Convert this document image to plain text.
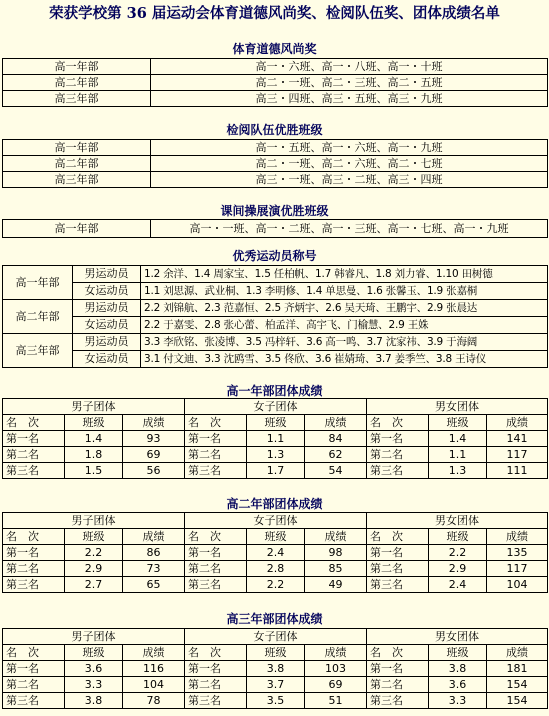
荣获学校第 36 届运动会体育道德风尚奖、检阅队伍奖、团体成绩名单
体育道德风尚奖
高一年部	高一・六班、高一・八班、高一・十班
高二年部	高二・一班、高二・三班、高二・五班
高三年部	高三・四班、高三・五班、高三・九班
检阅队伍优胜班级
高一年部	高一・五班、高一・六班、高一・九班
高二年部	高二・一班、高二・六班、高二・七班
高三年部	高三・一班、高三・二班、高三・四班
课间操展演优胜班级
高一年部	高一・一班、高一・二班、高一・三班、高一・七班、高一・九班
优秀运动员称号
高一年部	男运动员	1.2 余洋、1.4 周家宝、1.5 任柏帆、1.7 韩睿凡、1.8 刘力睿、1.10 田树德
	女运动员	1.1 刘思源、武业桐、1.3 李明修、1.4 单思曼、1.6 张馨玉、1.9 张嘉桐
高二年部	男运动员	2.2 刘锦航、2.3 范嘉恒、2.5 齐炳宇、2.6 吴天琦、王鹏宇、2.9 张晨达
	女运动员	2.2 于嘉雯、2.8 张心蕾、柏孟洋、高宇飞、门榆慧、2.9 王姝
高三年部	男运动员	3.3 李欣铭、张凌博、3.5 冯梓轩、3.6 高一鸣、3.7 沈家祎、3.9 于海阔
	女运动员	3.1 付文迪、3.3 沈鸥雪、3.5 佟欣、3.6 崔婧琦、3.7 姜季竺、3.8 王诗仪
高一年部团体成绩
男子团体			女子团体			男女团体		
名　次	班级	成绩	名　次	班级	成绩	名　次	班级	成绩
第一名	1.4	93	第一名	1.1	84	第一名	1.4	141
第二名	1.8	69	第二名	1.3	62	第二名	1.1	117
第三名	1.5	56	第三名	1.7	54	第三名	1.3	111
高二年部团体成绩
男子团体			女子团体			男女团体		
名　次	班级	成绩	名　次	班级	成绩	名　次	班级	成绩
第一名	2.2	86	第一名	2.4	98	第一名	2.2	135
第二名	2.9	73	第二名	2.8	85	第二名	2.9	117
第三名	2.7	65	第三名	2.2	49	第三名	2.4	104
高三年部团体成绩
男子团体			女子团体			男女团体		
名　次	班级	成绩	名　次	班级	成绩	名　次	班级	成绩
第一名	3.6	116	第一名	3.8	103	第一名	3.8	181
第二名	3.3	104	第二名	3.7	69	第二名	3.6	154
第三名	3.8	78	第三名	3.5	51	第三名	3.3	154
